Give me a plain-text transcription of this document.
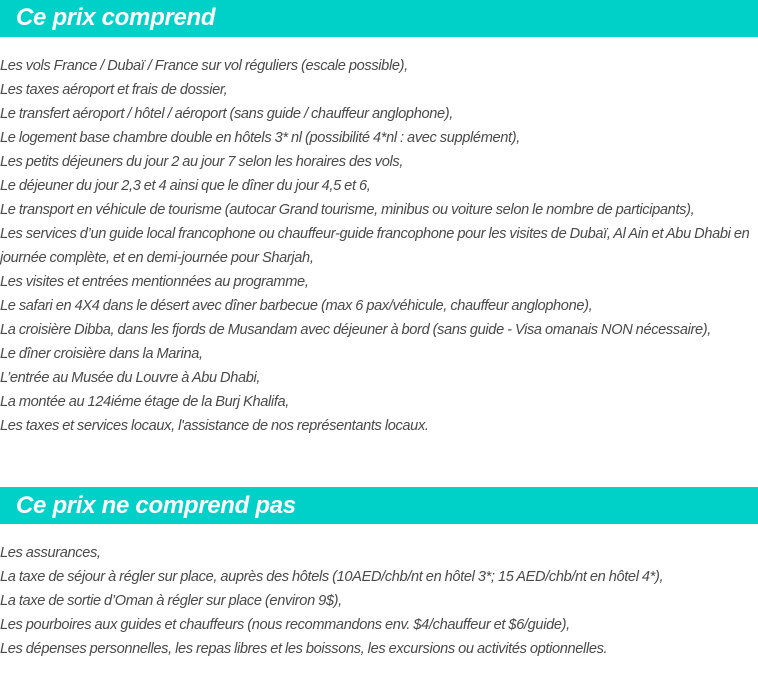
Ce prix comprend
Les vols France / Dubaï / France sur vol réguliers (escale possible),
Les taxes aéroport et frais de dossier,
Le transfert aéroport / hôtel / aéroport (sans guide / chauffeur anglophone),
Le logement base chambre double en hôtels 3* nl (possibilité 4*nl : avec supplément),
Les petits déjeuners du jour 2 au jour 7 selon les horaires des vols,
Le déjeuner du jour 2,3 et 4 ainsi que le dîner du jour 4,5 et 6,
Le transport en véhicule de tourisme (autocar Grand tourisme, minibus ou voiture selon le nombre de participants),
Les services d’un guide local francophone ou chauffeur-guide francophone pour les visites de Dubaï, Al Ain et Abu Dhabi en journée complète, et en demi-journée pour Sharjah,
Les visites et entrées mentionnées au programme,
Le safari en 4X4 dans le désert avec dîner barbecue (max 6 pax/véhicule, chauffeur anglophone),
La croisière Dibba, dans les fjords de Musandam avec déjeuner à bord (sans guide - Visa omanais NON nécessaire),
Le dîner croisière dans la Marina,
L’entrée au Musée du Louvre à Abu Dhabi,
La montée au 124iéme étage de la Burj Khalifa,
Les taxes et services locaux, l'assistance de nos représentants locaux.
Ce prix ne comprend pas
Les assurances,
La taxe de séjour à régler sur place, auprès des hôtels (10AED/chb/nt en hôtel 3*; 15 AED/chb/nt en hôtel 4*),
La taxe de sortie d’Oman à régler sur place (environ 9$),
Les pourboires aux guides et chauffeurs (nous recommandons env. $4/chauffeur et $6/guide),
Les dépenses personnelles, les repas libres et les boissons, les excursions ou activités optionnelles.
